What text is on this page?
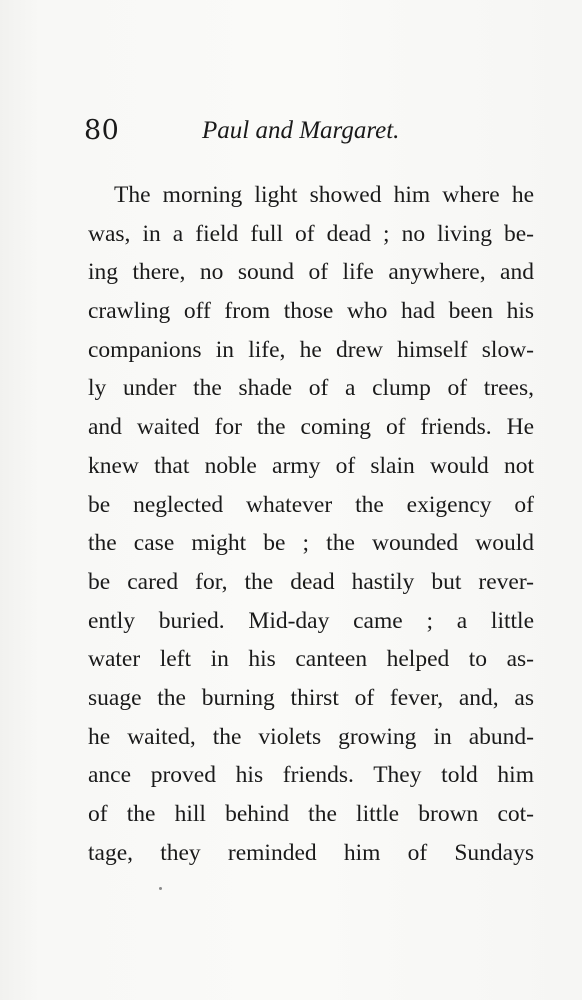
80	Paul and Margaret.
The morning light showed him where he
was, in a field full of dead ; no living be-
ing there, no sound of life anywhere, and
crawling off from those who had been his
companions in life, he drew himself slow-
ly under the shade of a clump of trees,
and waited for the coming of friends. He
knew that noble army of slain would not
be neglected whatever the exigency of
the case might be ; the wounded would
be cared for, the dead hastily but rever-
ently buried. Mid-day came ; a little
water left in his canteen helped to as-
suage the burning thirst of fever, and, as
he waited, the violets growing in abund-
ance proved his friends. They told him
of the hill behind the little brown cot-
tage, they reminded him of Sundays
